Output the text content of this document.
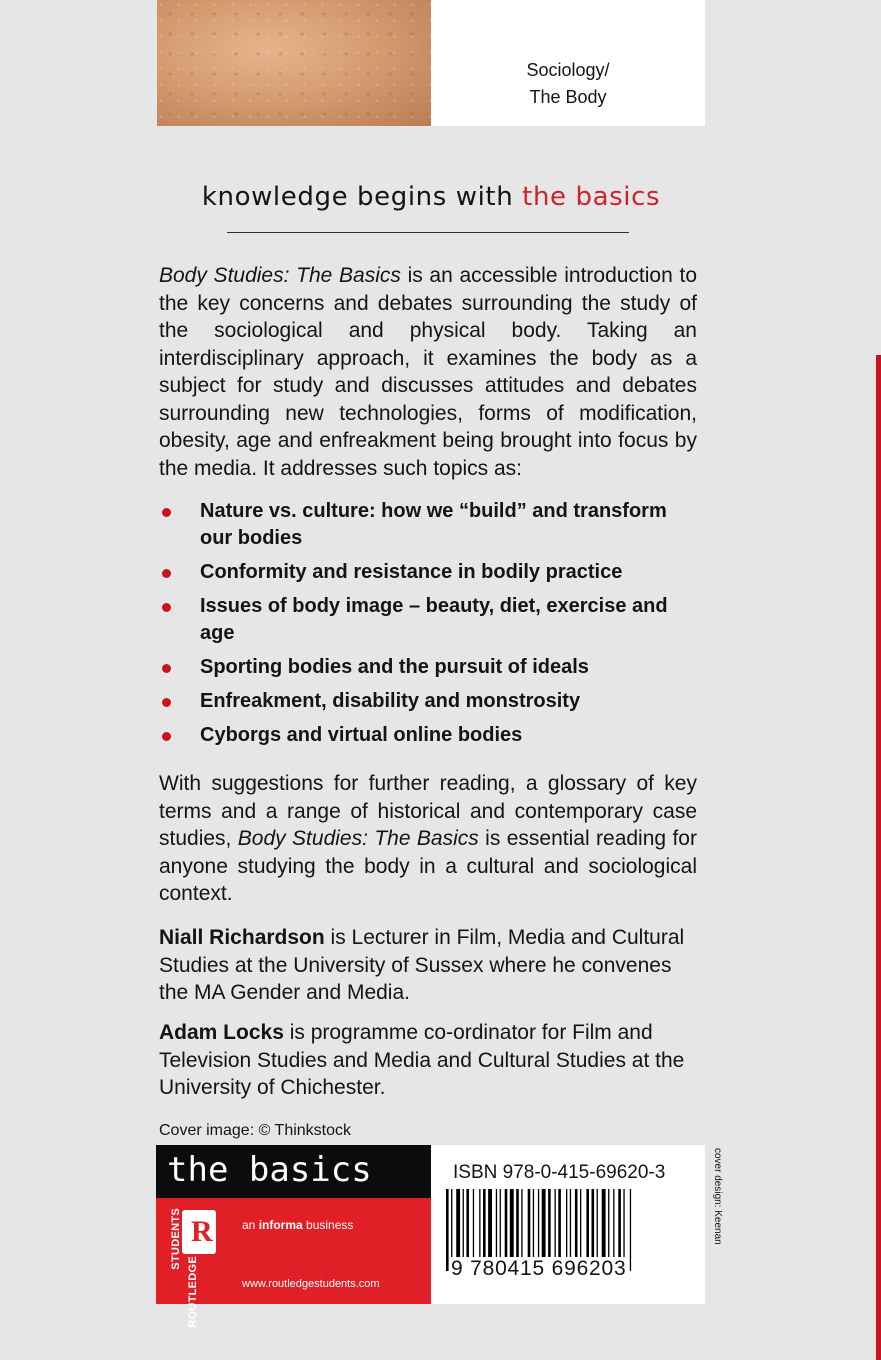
Sociology/
The Body
knowledge begins with the basics
Body Studies: The Basics is an accessible introduction to the key concerns and debates surrounding the study of the sociological and physical body. Taking an interdisciplinary approach, it examines the body as a subject for study and discusses attitudes and debates surrounding new technologies, forms of modification, obesity, age and enfreakment being brought into focus by the media. It addresses such topics as:
Nature vs. culture: how we “build” and transform our bodies
Conformity and resistance in bodily practice
Issues of body image – beauty, diet, exercise and age
Sporting bodies and the pursuit of ideals
Enfreakment, disability and monstrosity
Cyborgs and virtual online bodies
With suggestions for further reading, a glossary of key terms and a range of historical and contemporary case studies, Body Studies: The Basics is essential reading for anyone studying the body in a cultural and sociological context.
Niall Richardson is Lecturer in Film, Media and Cultural Studies at the University of Sussex where he convenes the MA Gender and Media.
Adam Locks is programme co-ordinator for Film and Television Studies and Media and Cultural Studies at the University of Chichester.
Cover image: © Thinkstock
the basics
STUDENTS R
ROUTLEDGE
an informa business
www.routledgestudents.com
ISBN 978-0-415-69620-3
9 780415 696203
cover design: Keenan
